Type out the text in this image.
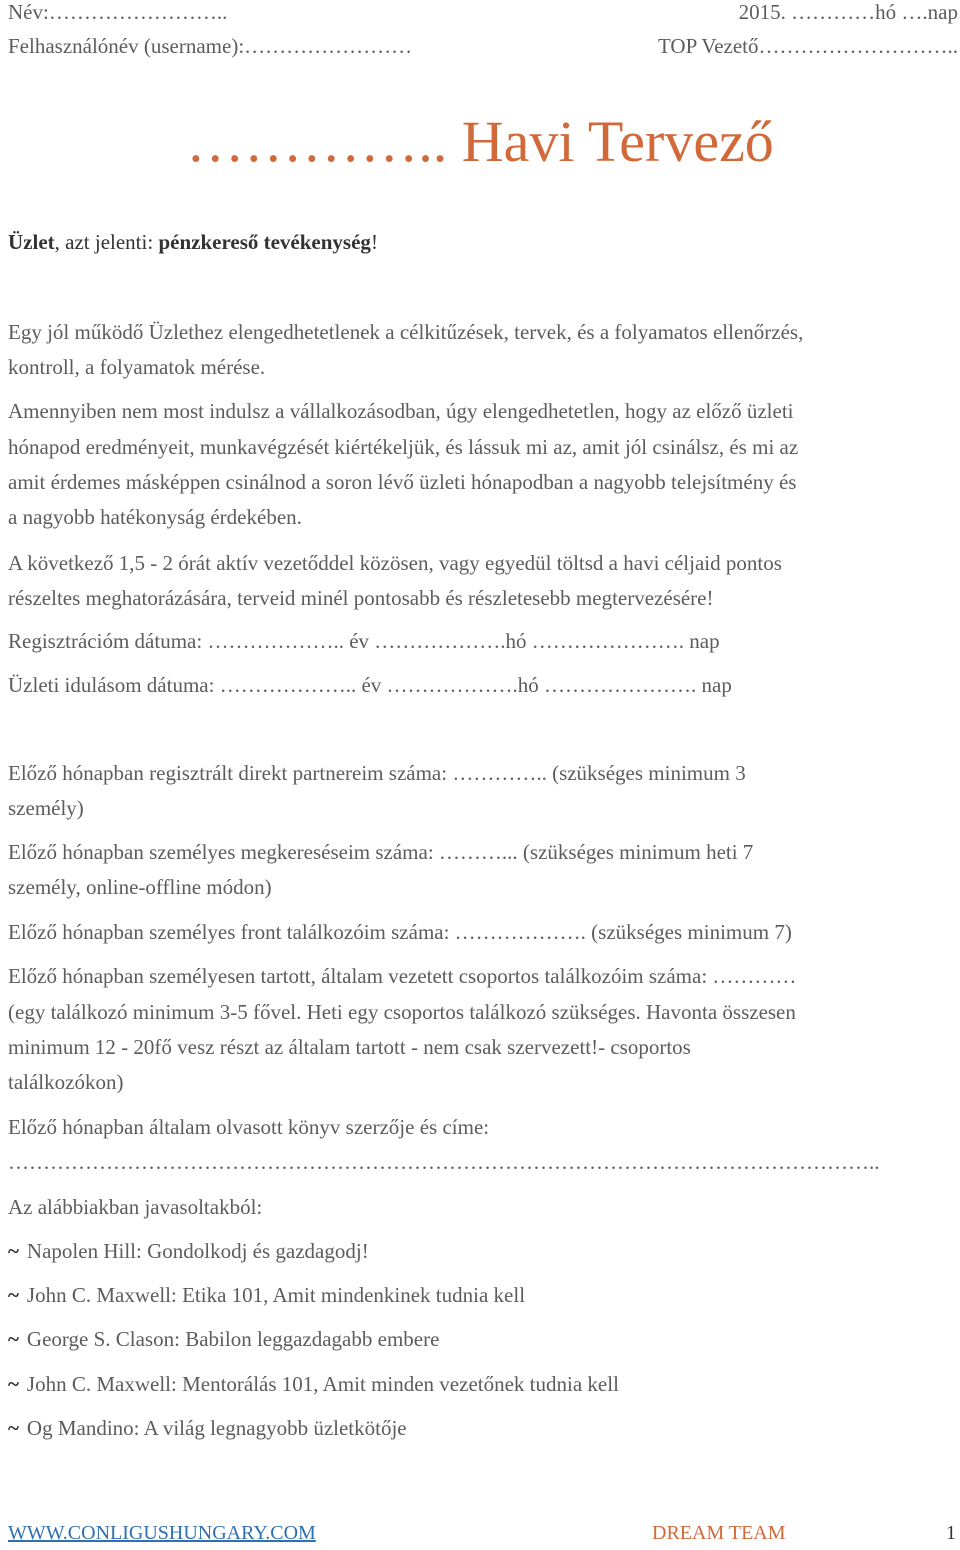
Név:……………………..	2015. …………hó ….nap
Felhasználónév (username):……………………	TOP Vezető………………………..
………….. Havi Tervező
Üzlet, azt jelenti: pénzkereső tevékenység!
Egy jól működő Üzlethez elengedhetetlenek a célkitűzések, tervek, és a folyamatos ellenőrzés,
kontroll, a folyamatok mérése.
Amennyiben nem most indulsz a vállalkozásodban, úgy elengedhetetlen, hogy az előző üzleti
hónapod eredményeit, munkavégzését kiértékeljük, és lássuk mi az, amit jól csinálsz, és mi az
amit érdemes másképpen csinálnod a soron lévő üzleti hónapodban a nagyobb telejsítmény és
a nagyobb hatékonyság érdekében.
A következő 1,5 - 2 órát aktív vezetőddel közösen, vagy egyedül töltsd a havi céljaid pontos
részeltes meghatorázására, terveid minél pontosabb és részletesebb megtervezésére!
Regisztrációm dátuma: ……………….. év ……………….hó …………………. nap
Üzleti idulásom dátuma: ……………….. év ……………….hó …………………. nap
Előző hónapban regisztrált direkt partnereim száma: ………….. (szükséges minimum 3
személy)
Előző hónapban személyes megkereséseim száma: ………... (szükséges minimum heti 7
személy, online-offline módon)
Előző hónapban személyes front találkozóim száma: ………………. (szükséges minimum 7)
Előző hónapban személyesen tartott, általam vezetett csoportos találkozóim száma: …………
(egy találkozó minimum 3-5 fővel. Heti egy csoportos találkozó szükséges. Havonta összesen
minimum 12 - 20fő vesz részt az általam tartott - nem csak szervezett!- csoportos
találkozókon)
Előző hónapban általam olvasott könyv szerzője és címe:
……………………………………………………………………………………………………………..
Az alábbiakban javasoltakból:
~ Napolen Hill: Gondolkodj és gazdagodj!
~ John C. Maxwell: Etika 101, Amit mindenkinek tudnia kell
~ George S. Clason: Babilon leggazdagabb embere
~ John C. Maxwell: Mentorálás 101, Amit minden vezetőnek tudnia kell
~ Og Mandino: A világ legnagyobb üzletkötője
WWW.CONLIGUSHUNGARY.COM	DREAM TEAM	1
